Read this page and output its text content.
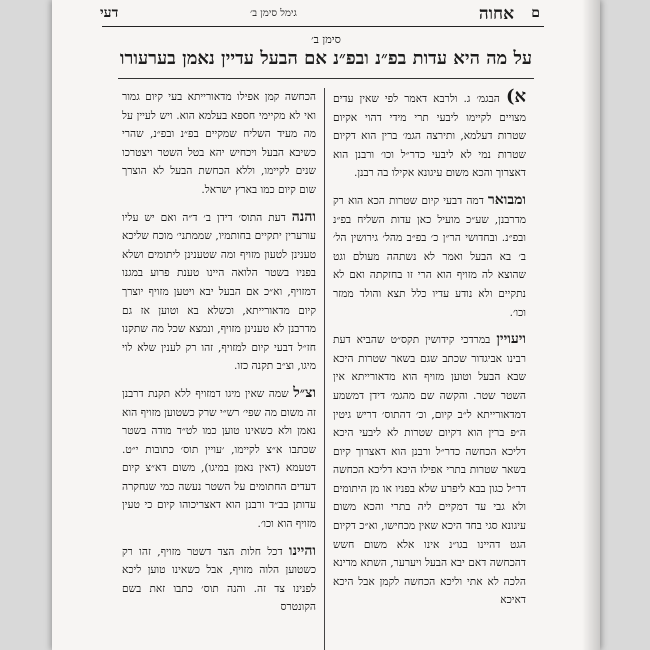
ם
אחוה
גימל סימן ב׳
דעי
סימן ב׳
על מה היא עדות בפ״נ ובפ״נ אם הבעל עדיין נאמן בערעורו

א) הבגמ׳ ג. ולרבא דאמר לפי שאין עדים מצויים לקיימו ליבעי תרי מידי דהוי אקיום שטרות דעלמא, ותירצה הגמ׳ ברין הוא דקיום שטרות נמי לא ליבעי כדר״ל וכו׳ ורבנן הוא דאצרוך והכא משום עיגונא אקילו בה רבנן.

ומבואר דמה דבעי קיום שטרות הכא הוא רק מדרבנן, שע״כ מועיל כאן עדות השליח בפ״נ ובפ״נ. ובחדושי הר״ן כ׳ בפ״ב מהל׳ גירושין הל׳ ב׳ בא הבעל ואמר לא נשתהה מעולם וגט שהוצא לה מזויף הוא הרי זו בחזקתה ואם לא נתקיים ולא נודע עדיו כלל תצא והולד ממזר וכו׳.

ויעויין במרדכי קידושין תקס״ט שהביא דעת רבינו אביגדור שכתב שגם בשאר שטרות היכא שבא הבעל וטוען מזויף הוא מדאורייתא אין השטר שטר. והקשה שם מהגמ׳ דידן דמשמע דמדאורייתא ל״ב קיום, וכ׳ דהתוס׳ דריש גיטין ה״פ ברין הוא דקיום שטרות לא ליבעי היכא דליכא הכחשה כדר״ל ורבנן הוא דאצרוך קיום בשאר שטרות בתרי אפילו היכא דליכא הכחשה דר״ל כגון בבא ליפרע שלא בפניו או מן היתומים ולא גבי עד דמקיים ליה בתרי והכא משום עיגונא סגי בחד היכא שאין מכחישו, וא״כ דקיום הגט דהיינו בגו״נ אינו אלא משום חשש דהכחשה דאם יבא הבעל ויערער, השתא מדינא הלכה לא אתי וליכא הכחשה לקמן אבל היכא דאיכא

הכחשה קמן אפילו מדאורייתא בעי קיום גמור ואי לא מקיימי חספא בעלמא הוא. ויש לעיין על מה מעיד השליח שמקיים בפ״נ ובפ״נ, שהרי כשיבא הבעל ויכחיש יהא בטל השטר ויצטרכו שנים לקיימו, וללא הכחשת הבעל לא הוצרך שום קיום כמו בארץ ישראל.

והנה דעת התוס׳ דידן ב׳ ד״ה ואם יש עליו עורערין יתקיים בחותמיו, שממתני׳ מוכח שליכא טענינן לטעון מזויף ומה שטענינן ליתומים ושלא בפניו בשטר הלואה היינו טענת פרוע במגנו דמזויף, וא״כ אם הבעל יבא ויטען מזויף יוצרך קיום מדאורייתא, וכשלא בא וטוען אז גם מדרבנן לא טענינן מזויף, ונמצא שכל מה שתקנו חז״ל דבעי קיום למזויף, זהו רק לענין שלא לוי מיגו, וצ״ב תקנה כזו.

וצ״ל שמה שאין מיגו דמזויף ללא תקנת דרבנן זה משום מה שפי׳ רש״י שרק כשטוען מזויף הוא נאמן ולא כשאינו טוען כמו לט״ד מודה בשטר שכתבו א״צ לקיימו, ׳עויין תוס׳ כתובות י״ט. דטעמא (דאין נאמן במיגו), משום דא״צ קיום דעדים החתומים על השטר נעשה כמי שנחקרה עדותן בב״ד ורבנן הוא דאצריכוהו קיום כי טעין מזויף הוא וכו׳.

והיינו דכל חלות הצד דשטר מזויף, זהו רק כשטוען הלוה מזויף, אבל כשאינו טוען ליכא לפנינו צד זה. והנה תוס׳ כתבו זאת בשם הקונטרס
